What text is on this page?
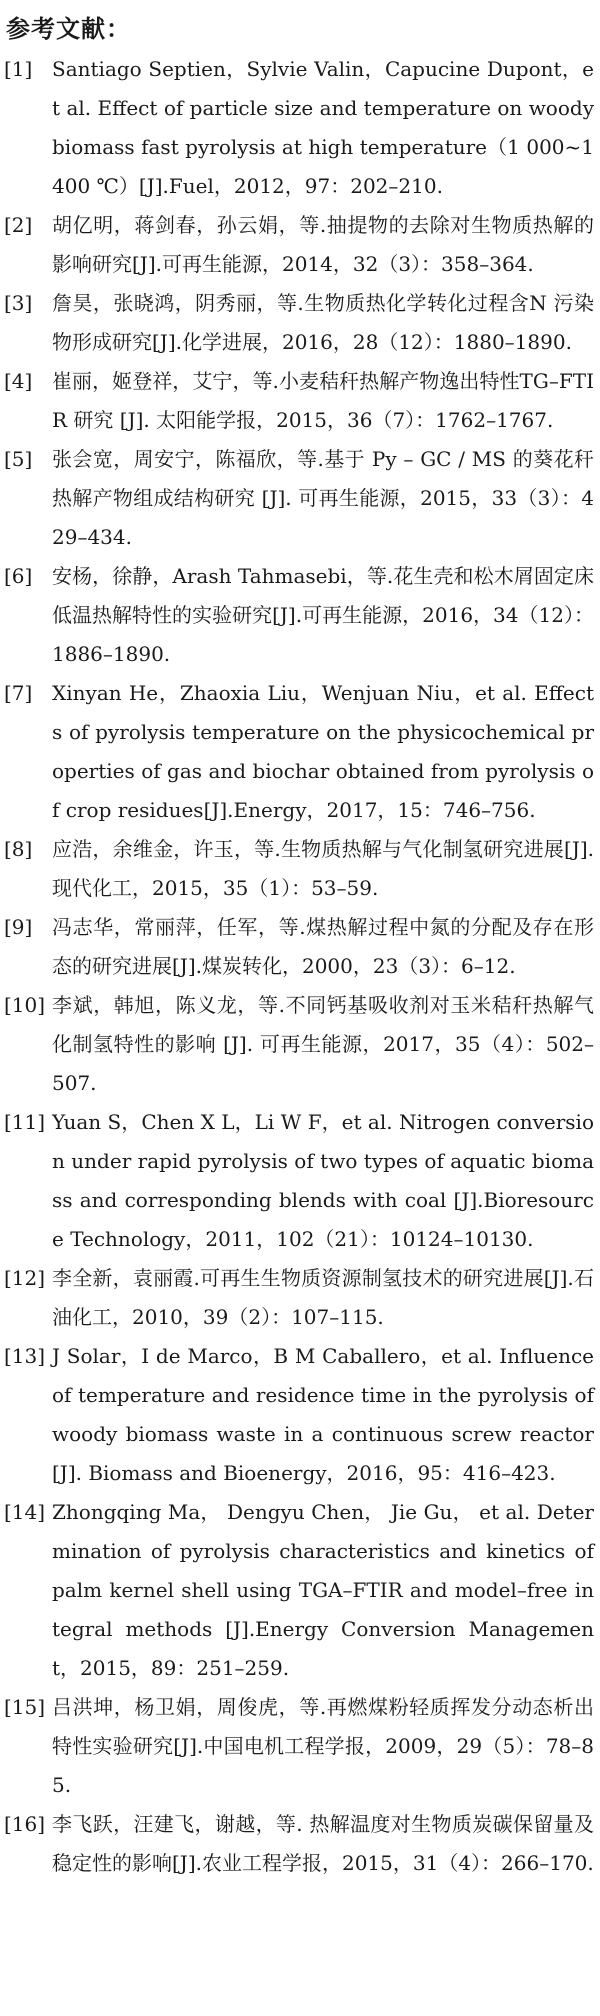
参考文献：
[1] Santiago Septien，Sylvie Valin，Capucine Dupont，et al. Effect of particle size and temperature on woody biomass fast pyrolysis at high temperature（1 000~1 400 ℃）[J].Fuel，2012，97：202–210.
[2] 胡亿明，蒋剑春，孙云娟，等.抽提物的去除对生物质热解的影响研究[J].可再生能源，2014，32（3）：358–364.
[3] 詹昊，张晓鸿，阴秀丽，等.生物质热化学转化过程含N 污染物形成研究[J].化学进展，2016，28（12）：1880–1890.
[4] 崔丽，姬登祥，艾宁，等.小麦秸秆热解产物逸出特性TG–FTIR 研究 [J]. 太阳能学报，2015，36（7）：1762–1767.
[5] 张会宽，周安宁，陈福欣，等.基于 Py – GC / MS 的葵花秆热解产物组成结构研究 [J]. 可再生能源，2015，33（3）：429–434.
[6] 安杨，徐静，Arash Tahmasebi，等.花生壳和松木屑固定床低温热解特性的实验研究[J].可再生能源，2016，34（12）：1886–1890.
[7] Xinyan He，Zhaoxia Liu，Wenjuan Niu，et al. Effects of pyrolysis temperature on the physicochemical properties of gas and biochar obtained from pyrolysis of crop residues[J].Energy，2017，15：746–756.
[8] 应浩，余维金，许玉，等.生物质热解与气化制氢研究进展[J].现代化工，2015，35（1）：53–59.
[9] 冯志华，常丽萍，任军，等.煤热解过程中氮的分配及存在形态的研究进展[J].煤炭转化，2000，23（3）：6–12.
[10] 李斌，韩旭，陈义龙，等.不同钙基吸收剂对玉米秸秆热解气化制氢特性的影响 [J]. 可再生能源，2017，35（4）：502–507.
[11] Yuan S，Chen X L，Li W F，et al. Nitrogen conversion under rapid pyrolysis of two types of aquatic biomass and corresponding blends with coal [J].Bioresource Technology，2011，102（21）：10124–10130.
[12] 李全新，袁丽霞.可再生生物质资源制氢技术的研究进展[J].石油化工，2010，39（2）：107–115.
[13] J Solar，I de Marco，B M Caballero，et al. Influence of temperature and residence time in the pyrolysis of woody biomass waste in a continuous screw reactor[J]. Biomass and Bioenergy，2016，95：416–423.
[14] Zhongqing Ma， Dengyu Chen， Jie Gu， et al. Determination of pyrolysis characteristics and kinetics of palm kernel shell using TGA–FTIR and model–free integral methods [J].Energy Conversion Management，2015，89：251–259.
[15] 吕洪坤，杨卫娟，周俊虎，等.再燃煤粉轻质挥发分动态析出特性实验研究[J].中国电机工程学报，2009，29（5）：78–85.
[16] 李飞跃，汪建飞，谢越，等. 热解温度对生物质炭碳保留量及稳定性的影响[J].农业工程学报，2015，31（4）：266–170.
